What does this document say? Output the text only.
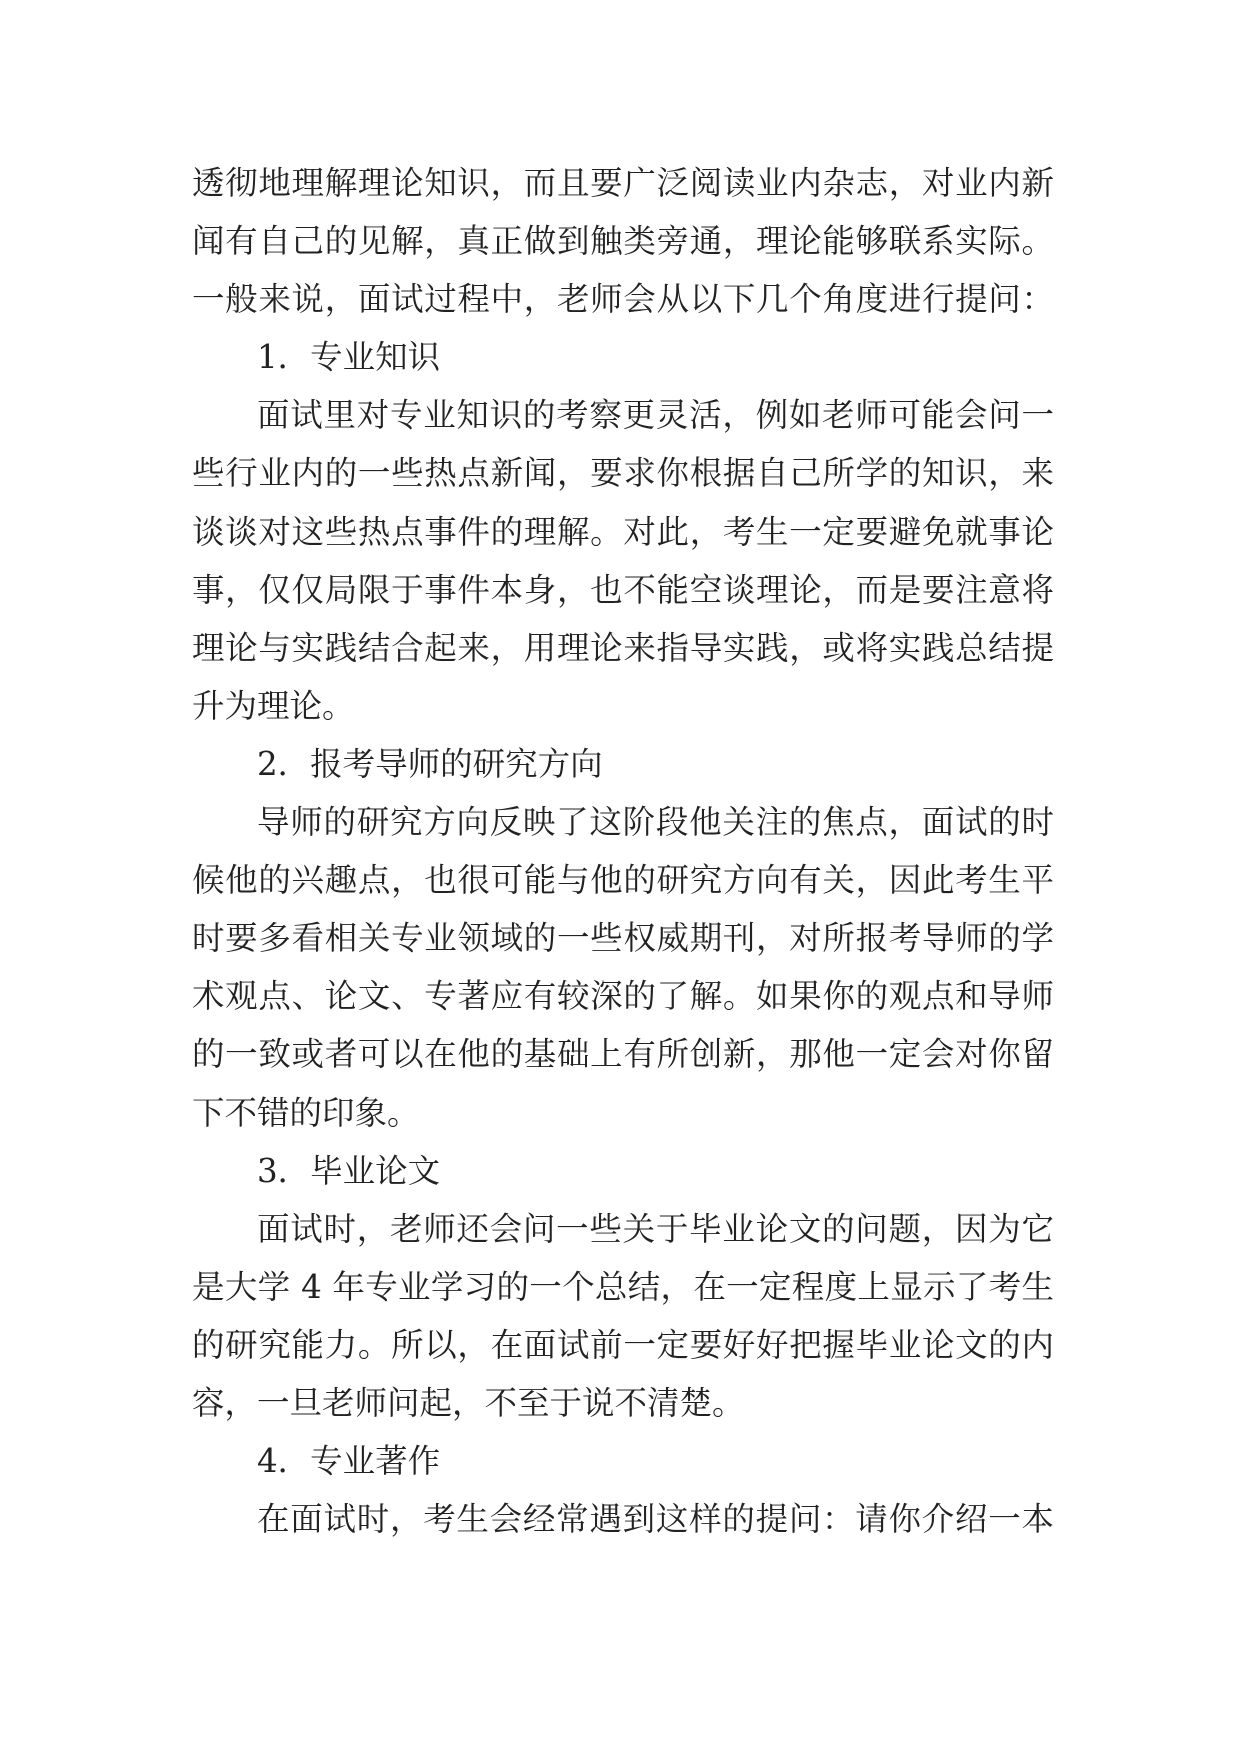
透彻地理解理论知识，而且要广泛阅读业内杂志，对业内新
闻有自己的见解，真正做到触类旁通，理论能够联系实际。
一般来说，面试过程中，老师会从以下几个角度进行提问：
1．专业知识
面试里对专业知识的考察更灵活，例如老师可能会问一
些行业内的一些热点新闻，要求你根据自己所学的知识，来
谈谈对这些热点事件的理解。对此，考生一定要避免就事论
事，仅仅局限于事件本身，也不能空谈理论，而是要注意将
理论与实践结合起来，用理论来指导实践，或将实践总结提
升为理论。
2．报考导师的研究方向
导师的研究方向反映了这阶段他关注的焦点，面试的时
候他的兴趣点，也很可能与他的研究方向有关，因此考生平
时要多看相关专业领域的一些权威期刊，对所报考导师的学
术观点、论文、专著应有较深的了解。如果你的观点和导师
的一致或者可以在他的基础上有所创新，那他一定会对你留
下不错的印象。
3．毕业论文
面试时，老师还会问一些关于毕业论文的问题，因为它
是大学 4 年专业学习的一个总结，在一定程度上显示了考生
的研究能力。所以，在面试前一定要好好把握毕业论文的内
容，一旦老师问起，不至于说不清楚。
4．专业著作
在面试时，考生会经常遇到这样的提问：请你介绍一本
